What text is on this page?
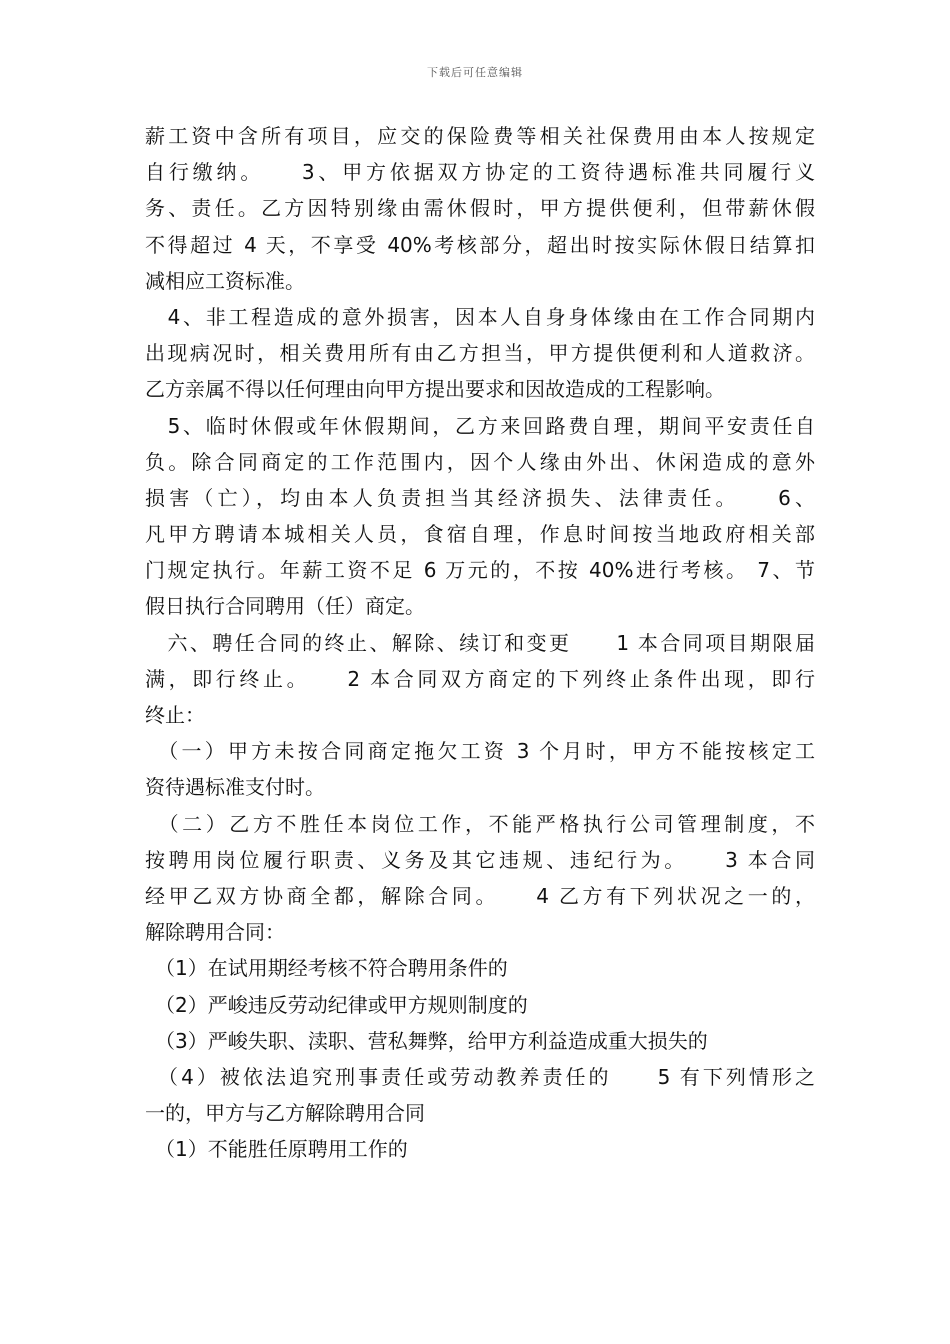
下载后可任意编辑
薪工资中含所有项目，应交的保险费等相关社保费用由本人按规定
自行缴纳。　　3、甲方依据双方协定的工资待遇标准共同履行义
务、责任。乙方因特别缘由需休假时，甲方提供便利，但带薪休假
不得超过 4 天，不享受 40%考核部分，超出时按实际休假日结算扣
减相应工资标准。
　4、非工程造成的意外损害，因本人自身身体缘由在工作合同期内
出现病况时，相关费用所有由乙方担当，甲方提供便利和人道救济。
乙方亲属不得以任何理由向甲方提出要求和因故造成的工程影响。
　5、临时休假或年休假期间，乙方来回路费自理，期间平安责任自
负。除合同商定的工作范围内，因个人缘由外出、休闲造成的意外
损害（亡），均由本人负责担当其经济损失、法律责任。　　6、
凡甲方聘请本城相关人员，食宿自理，作息时间按当地政府相关部
门规定执行。年薪工资不足 6 万元的，不按 40%进行考核。 7、节
假日执行合同聘用（任）商定。
　六、聘任合同的终止、解除、续订和变更　　1 本合同项目期限届
满，即行终止。　　2 本合同双方商定的下列终止条件出现，即行
终止：
　（一）甲方未按合同商定拖欠工资 3 个月时，甲方不能按核定工
资待遇标准支付时。
　（二）乙方不胜任本岗位工作，不能严格执行公司管理制度，不
按聘用岗位履行职责、义务及其它违规、违纪行为。　　3 本合同
经甲乙双方协商全都，解除合同。　　4 乙方有下列状况之一的，
解除聘用合同：
　（1）在试用期经考核不符合聘用条件的
　（2）严峻违反劳动纪律或甲方规则制度的
　（3）严峻失职、渎职、营私舞弊，给甲方利益造成重大损失的
　（4）被依法追究刑事责任或劳动教养责任的　　5 有下列情形之
一的，甲方与乙方解除聘用合同
　（1）不能胜任原聘用工作的
